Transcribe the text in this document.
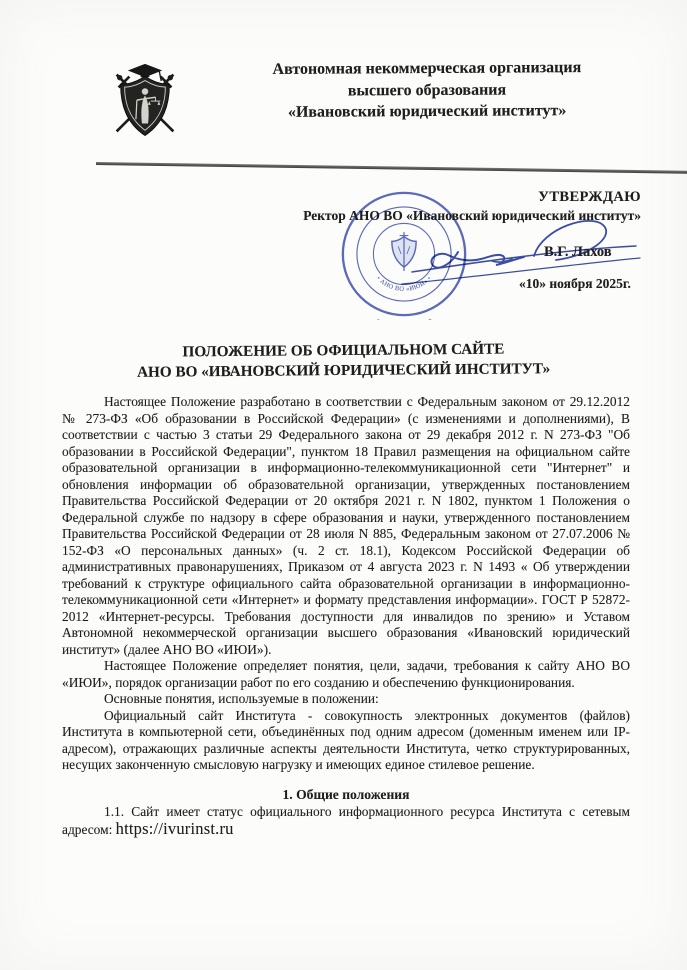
Автономная некоммерческая организация
высшего образования
«Ивановский юридический институт»
• АНО ВО «ИЮИ» •
УТВЕРЖДАЮ
Ректор АНО ВО «Ивановский юридический институт»
В.Г. Лахов
«10» ноября 2025г.
ПОЛОЖЕНИЕ ОБ ОФИЦИАЛЬНОМ САЙТЕ
АНО ВО «ИВАНОВСКИЙ ЮРИДИЧЕСКИЙ ИНСТИТУТ»

Настоящее Положение разработано в соответствии с Федеральным законом от 29.12.2012 № 273-ФЗ «Об образовании в Российской Федерации» (с изменениями и дополнениями), В соответствии с частью 3 статьи 29 Федерального закона от 29 декабря 2012 г. N 273-ФЗ "Об образовании в Российской Федерации", пунктом 18 Правил размещения на официальном сайте образовательной организации в информационно-телекоммуникационной сети "Интернет" и обновления информации об образовательной организации, утвержденных постановлением Правительства Российской Федерации от 20 октября 2021 г. N 1802, пунктом 1 Положения о Федеральной службе по надзору в сфере образования и науки, утвержденного постановлением Правительства Российской Федерации от 28 июля N 885, Федеральным законом от 27.07.2006 № 152-ФЗ «О персональных данных» (ч. 2 ст. 18.1), Кодексом Российской Федерации об административных правонарушениях, Приказом от 4 августа 2023 г. N 1493 « Об утверждении требований к структуре официального сайта образовательной организации в информационно- телекоммуникационной сети «Интернет» и формату представления информации». ГОСТ Р 52872-2012 «Интернет-ресурсы. Требования доступности для инвалидов по зрению» и Уставом Автономной некоммерческой организации высшего образования «Ивановский юридический институт» (далее АНО ВО «ИЮИ»).

Настоящее Положение определяет понятия, цели, задачи, требования к сайту АНО ВО «ИЮИ», порядок организации работ по его созданию и обеспечению функционирования.

Основные понятия, используемые в положении:

Официальный сайт Института - совокупность электронных документов (файлов) Института в компьютерной сети, объединённых под одним адресом (доменным именем или IP-адресом), отражающих различные аспекты деятельности Института, четко структурированных, несущих законченную смысловую нагрузку и имеющих единое стилевое решение.

1. Общие положения

1.1. Сайт имеет статус официального информационного ресурса Института с сетевым адресом: https://ivurinst.ru
